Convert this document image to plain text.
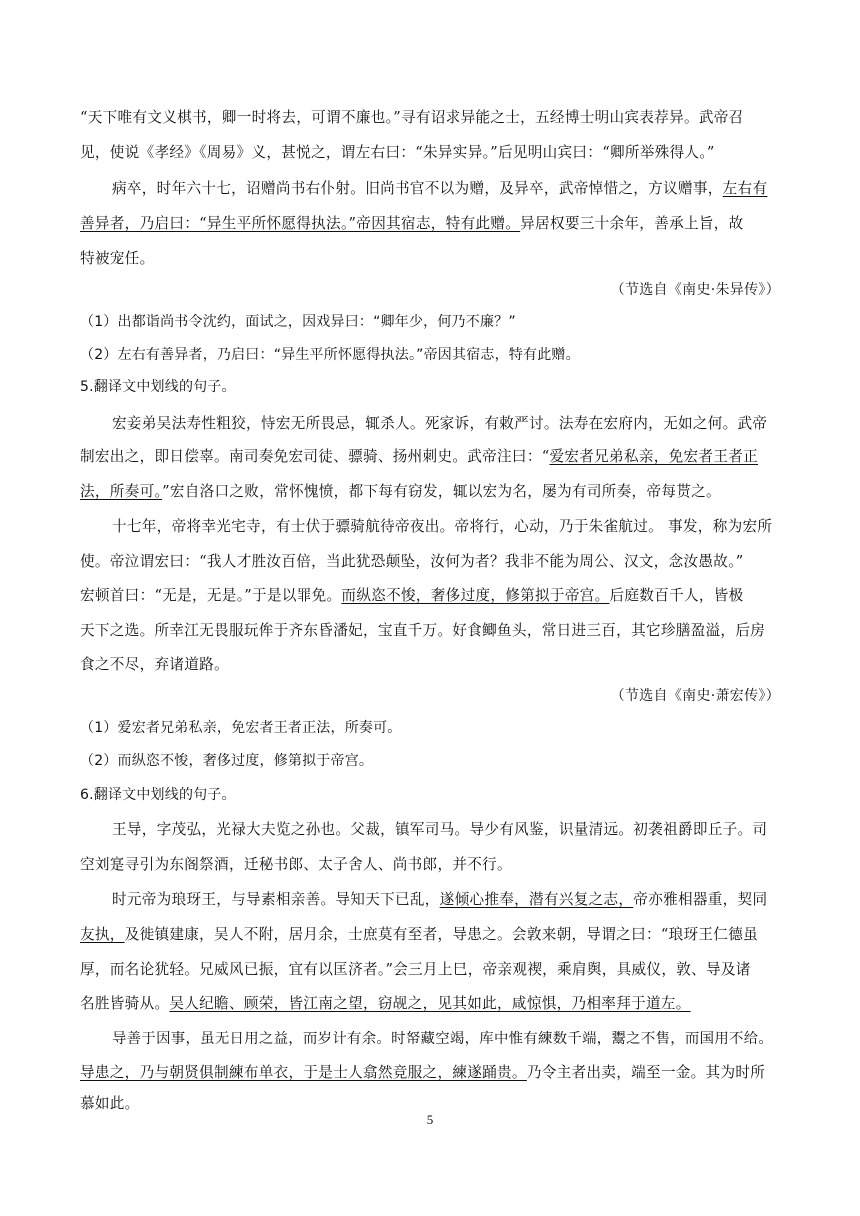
“天下唯有文义棋书，卿一时将去，可谓不廉也。”寻有诏求异能之士，五经博士明山宾表荐异。武帝召
见，使说《孝经》《周易》义，甚悦之，谓左右曰：“朱异实异。”后见明山宾曰：“卿所举殊得人。”
病卒，时年六十七，诏赠尚书右仆射。旧尚书官不以为赠，及异卒，武帝悼惜之，方议赠事，左右有
善异者，乃启曰：“异生平所怀愿得执法。”帝因其宿志，特有此赠。异居权要三十余年，善承上旨，故
特被宠任。
（节选自《南史·朱异传》）
（1）出都诣尚书令沈约，面试之，因戏异曰：“卿年少，何乃不廉？”
（2）左右有善异者，乃启曰：“异生平所怀愿得执法。”帝因其宿志，特有此赠。
5.翻译文中划线的句子。
宏妾弟吴法寿性粗狡，恃宏无所畏忌，辄杀人。死家诉，有敕严讨。法寿在宏府内，无如之何。武帝
制宏出之，即日偿辜。南司奏免宏司徒、骠骑、扬州刺史。武帝注曰：“爱宏者兄弟私亲，免宏者王者正
法，所奏可。”宏自洛口之败，常怀愧愤，都下每有窃发，辄以宏为名，屡为有司所奏，帝每贳之。
十七年，帝将幸光宅寺，有士伏于骠骑航待帝夜出。帝将行，心动，乃于朱雀航过。 事发，称为宏所
使。帝泣谓宏曰：“我人才胜汝百倍，当此犹恐颠坠，汝何为者？我非不能为周公、汉文，念汝愚故。”
宏顿首曰：“无是，无是。”于是以罪免。而纵恣不悛，奢侈过度，修第拟于帝宫。后庭数百千人，皆极
天下之选。所幸江无畏服玩侔于齐东昏潘妃，宝直千万。好食鲫鱼头，常日进三百，其它珍膳盈溢，后房
食之不尽，弃诸道路。
（节选自《南史·萧宏传》）
（1）爱宏者兄弟私亲，免宏者王者正法，所奏可。
（2）而纵恣不悛，奢侈过度，修第拟于帝宫。
6.翻译文中划线的句子。
王导，字茂弘，光禄大夫览之孙也。父裁，镇军司马。导少有风鉴，识量清远。初袭祖爵即丘子。司
空刘寔寻引为东阁祭酒，迁秘书郎、太子舍人、尚书郎，并不行。
时元帝为琅玡王，与导素相亲善。导知天下已乱，遂倾心推奉，潜有兴复之志，帝亦雅相器重，契同
友执，及徙镇建康，吴人不附，居月余，士庶莫有至者，导患之。会敦来朝，导谓之曰：“琅玡王仁德虽
厚，而名论犹轻。兄威风已振，宜有以匡济者。”会三月上巳，帝亲观禊，乘肩舆，具威仪，敦、导及诸
名胜皆骑从。吴人纪瞻、顾荣，皆江南之望，窃觇之，见其如此，咸惊惧，乃相率拜于道左。
导善于因事，虽无日用之益，而岁计有余。时帑藏空竭，库中惟有練数千端，鬻之不售，而国用不给。
导患之，乃与朝贤俱制練布单衣，于是士人翕然竞服之，練遂踊贵。乃令主者出卖，端至一金。其为时所
慕如此。
5
